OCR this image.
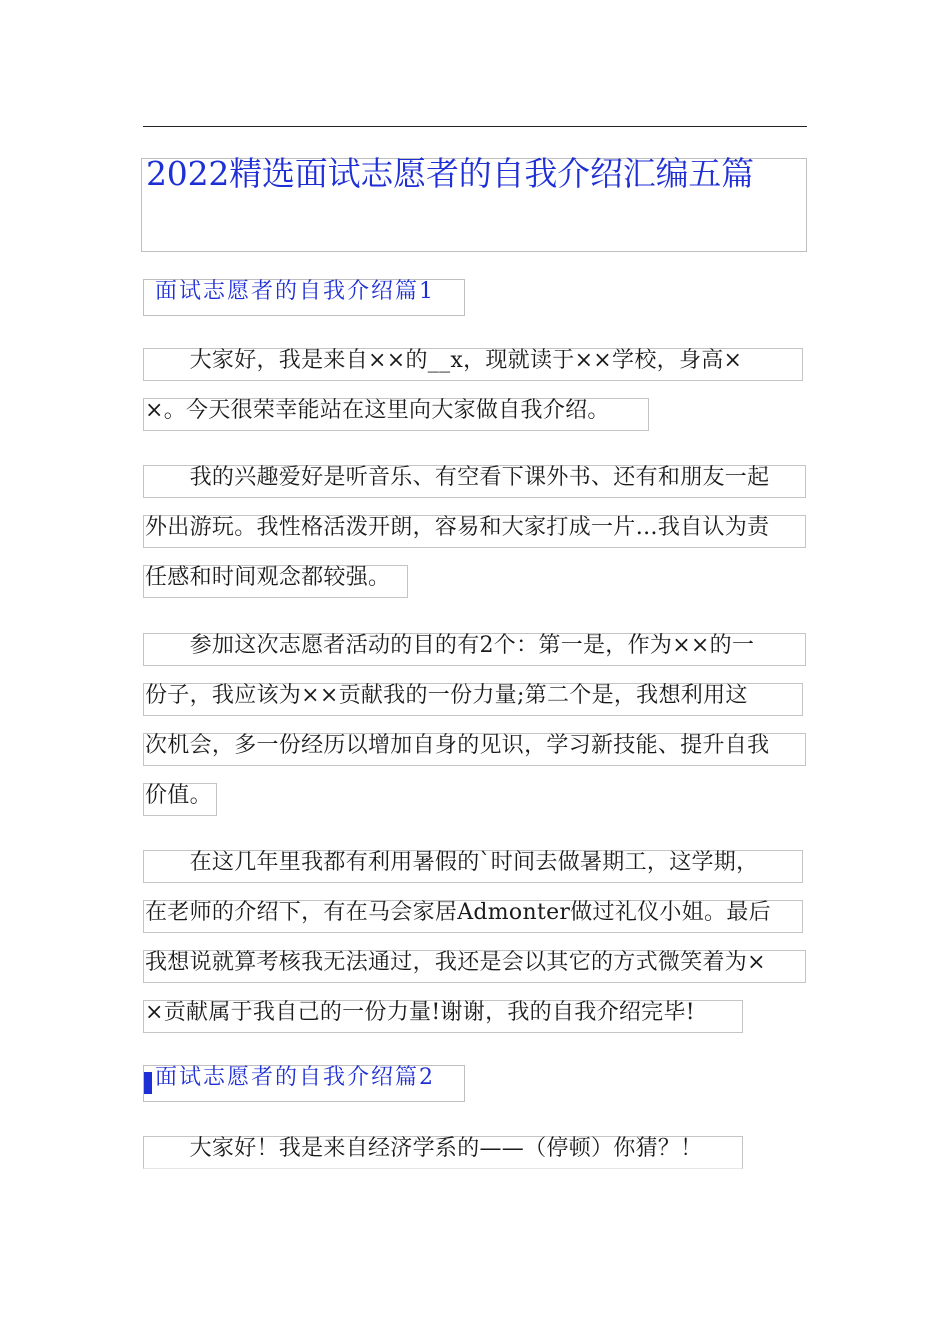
2022精选面试志愿者的自我介绍汇编五篇
面试志愿者的自我介绍篇1
　　大家好，我是来自××的__x，现就读于××学校，身高×
×。今天很荣幸能站在这里向大家做自我介绍。
　　我的兴趣爱好是听音乐、有空看下课外书、还有和朋友一起
外出游玩。我性格活泼开朗，容易和大家打成一片…我自认为责
任感和时间观念都较强。
　　参加这次志愿者活动的目的有2个：第一是，作为××的一
份子，我应该为××贡献我的一份力量;第二个是，我想利用这
次机会，多一份经历以增加自身的见识，学习新技能、提升自我
价值。
　　在这几年里我都有利用暑假的`时间去做暑期工，这学期，
在老师的介绍下，有在马会家居Admonter做过礼仪小姐。最后
我想说就算考核我无法通过，我还是会以其它的方式微笑着为×
×贡献属于我自己的一份力量!谢谢，我的自我介绍完毕!
面试志愿者的自我介绍篇2
　　大家好！我是来自经济学系的——（停顿）你猜？！
